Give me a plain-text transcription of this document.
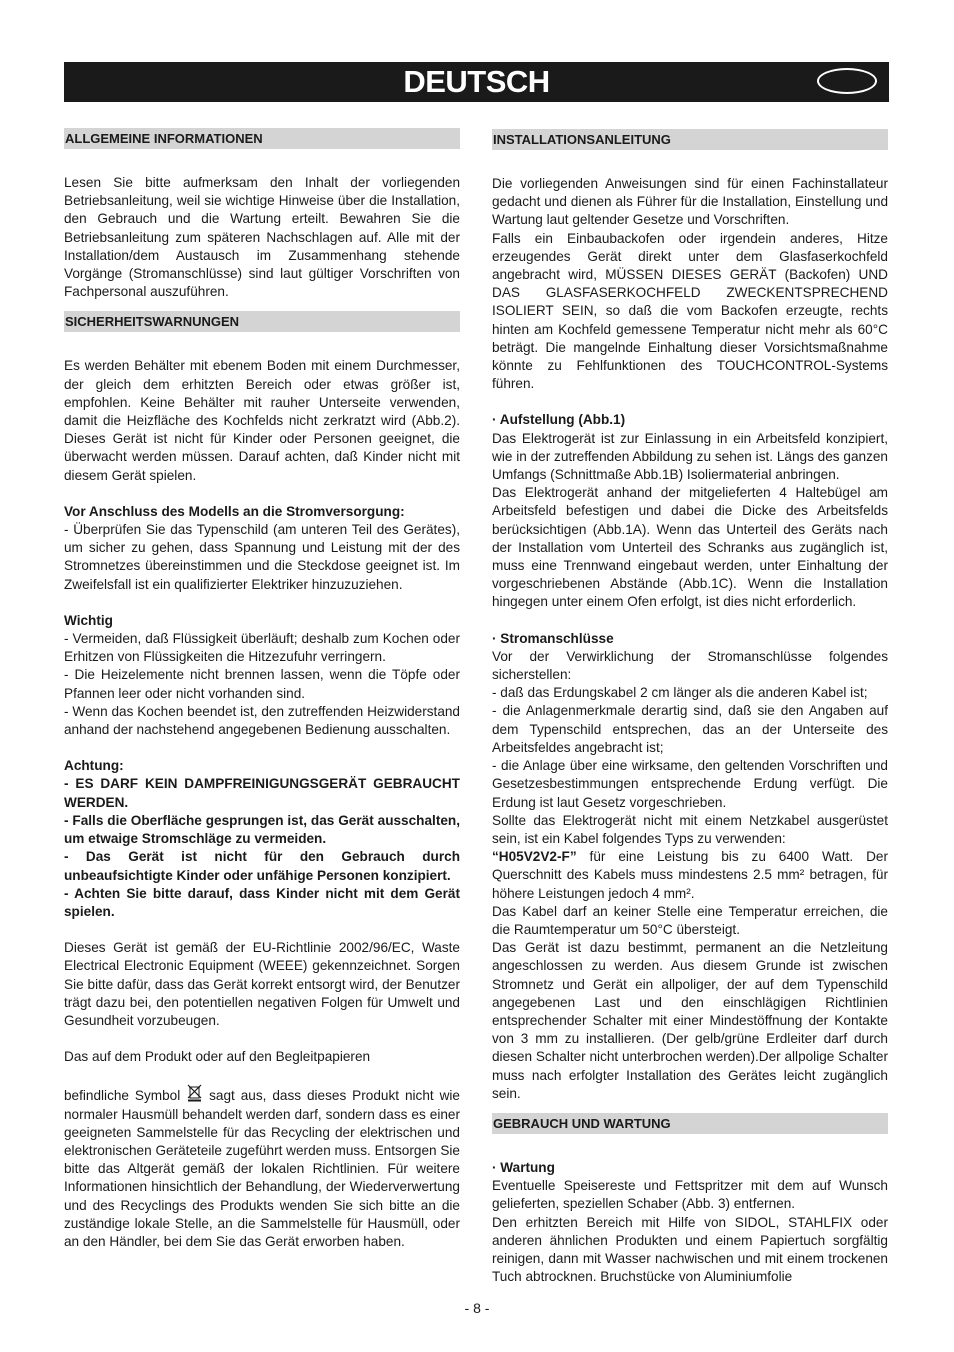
DEUTSCH
ALLGEMEINE INFORMATIONEN

Lesen Sie bitte aufmerksam den Inhalt der vorliegenden Betriebsanleitung, weil sie wichtige Hinweise über die Installation, den Gebrauch und die Wartung erteilt. Bewahren Sie die Betriebsanleitung zum späteren Nachschlagen auf. Alle mit der Installation/dem Austausch im Zusammenhang stehende Vorgänge (Stromanschlüsse) sind laut gültiger Vorschriften von Fachpersonal auszuführen.

SICHERHEITSWARNUNGEN

Es werden Behälter mit ebenem Boden mit einem Durchmesser, der gleich dem erhitzten Bereich oder etwas größer ist, empfohlen. Keine Behälter mit rauher Unterseite verwenden, damit die Heizfläche des Kochfelds nicht zerkratzt wird (Abb.2). Dieses Gerät ist nicht für Kinder oder Personen geeignet, die überwacht werden müssen. Darauf achten, daß Kinder nicht mit diesem Gerät spielen.

Vor Anschluss des Modells an die Stromversorgung:

- Überprüfen Sie das Typenschild (am unteren Teil des Gerätes), um sicher zu gehen, dass Spannung und Leistung mit der des Stromnetzes übereinstimmen und die Steckdose geeignet ist. Im Zweifelsfall ist ein qualifizierter Elektriker hinzuzuziehen.

Wichtig

- Vermeiden, daß Flüssigkeit überläuft; deshalb zum Kochen oder Erhitzen von Flüssigkeiten die Hitzezufuhr verringern.

- Die Heizelemente nicht brennen lassen, wenn die Töpfe oder Pfannen leer oder nicht vorhanden sind.

- Wenn das Kochen beendet ist, den zutreffenden Heizwiderstand anhand der nachstehend angegebenen Bedienung ausschalten.

Achtung:

- ES DARF KEIN DAMPFREINIGUNGSGERÄT GEBRAUCHT WERDEN.

- Falls die Oberfläche gesprungen ist, das Gerät ausschalten, um etwaige Stromschläge zu vermeiden.

- Das Gerät ist nicht für den Gebrauch durch unbeaufsichtigte Kinder oder unfähige Personen konzipiert.

- Achten Sie bitte darauf, dass Kinder nicht mit dem Gerät spielen.

Dieses Gerät ist gemäß der EU-Richtlinie 2002/96/EC, Waste Electrical Electronic Equipment (WEEE) gekennzeichnet. Sorgen Sie bitte dafür, dass das Gerät korrekt entsorgt wird, der Benutzer trägt dazu bei, den potentiellen negativen Folgen für Umwelt und Gesundheit vorzubeugen.

Das auf dem Produkt oder auf den Begleitpapieren

befindliche Symbol sagt aus, dass dieses Produkt nicht wie normaler Hausmüll behandelt werden darf, sondern dass es einer geeigneten Sammelstelle für das Recycling der elektrischen und elektronischen Geräteteile zugeführt werden muss. Entsorgen Sie bitte das Altgerät gemäß der lokalen Richtlinien. Für weitere Informationen hinsichtlich der Behandlung, der Wiederverwertung und des Recyclings des Produkts wenden Sie sich bitte an die zuständige lokale Stelle, an die Sammelstelle für Hausmüll, oder an den Händler, bei dem Sie das Gerät erworben haben.

INSTALLATIONSANLEITUNG

Die vorliegenden Anweisungen sind für einen Fachinstallateur gedacht und dienen als Führer für die Installation, Einstellung und Wartung laut geltender Gesetze und Vorschriften.

Falls ein Einbaubackofen oder irgendein anderes, Hitze erzeugendes Gerät direkt unter dem Glasfaserkochfeld angebracht wird, MÜSSEN DIESES GERÄT (Backofen) UND DAS GLASFASERKOCHFELD ZWECKENTSPRECHEND ISOLIERT SEIN, so daß die vom Backofen erzeugte, rechts hinten am Kochfeld gemessene Temperatur nicht mehr als 60°C beträgt. Die mangelnde Einhaltung dieser Vorsichtsmaßnahme könnte zu Fehlfunktionen des TOUCHCONTROL-Systems führen.

· Aufstellung (Abb.1)

Das Elektrogerät ist zur Einlassung in ein Arbeitsfeld konzipiert, wie in der zutreffenden Abbildung zu sehen ist. Längs des ganzen Umfangs (Schnittmaße Abb.1B) Isoliermaterial anbringen.

Das Elektrogerät anhand der mitgelieferten 4 Haltebügel am Arbeitsfeld befestigen und dabei die Dicke des Arbeitsfelds berücksichtigen (Abb.1A). Wenn das Unterteil des Geräts nach der Installation vom Unterteil des Schranks aus zugänglich ist, muss eine Trennwand eingebaut werden, unter Einhaltung der vorgeschriebenen Abstände (Abb.1C). Wenn die Installation hingegen unter einem Ofen erfolgt, ist dies nicht erforderlich.

· Stromanschlüsse

Vor der Verwirklichung der Stromanschlüsse folgendes sicherstellen:

- daß das Erdungskabel 2 cm länger als die anderen Kabel ist;

- die Anlagenmerkmale derartig sind, daß sie den Angaben auf dem Typenschild entsprechen, das an der Unterseite des Arbeitsfeldes angebracht ist;

- die Anlage über eine wirksame, den geltenden Vorschriften und Gesetzesbestimmungen entsprechende Erdung verfügt. Die Erdung ist laut Gesetz vorgeschrieben.

Sollte das Elektrogerät nicht mit einem Netzkabel ausgerüstet sein, ist ein Kabel folgendes Typs zu verwenden:

“H05V2V2-F” für eine Leistung bis zu 6400 Watt. Der Querschnitt des Kabels muss mindestens 2.5 mm² betragen, für höhere Leistungen jedoch 4 mm².

Das Kabel darf an keiner Stelle eine Temperatur erreichen, die die Raumtemperatur um 50°C übersteigt.

Das Gerät ist dazu bestimmt, permanent an die Netzleitung angeschlossen zu werden. Aus diesem Grunde ist zwischen Stromnetz und Gerät ein allpoliger, der auf dem Typenschild angegebenen Last und den einschlägigen Richtlinien entsprechender Schalter mit einer Mindestöffnung der Kontakte von 3 mm zu installieren. (Der gelb/grüne Erdleiter darf durch diesen Schalter nicht unterbrochen werden).Der allpolige Schalter muss nach erfolgter Installation des Gerätes leicht zugänglich sein.

GEBRAUCH UND WARTUNG

· Wartung

Eventuelle Speisereste und Fettspritzer mit dem auf Wunsch gelieferten, speziellen Schaber (Abb. 3) entfernen.

Den erhitzten Bereich mit Hilfe von SIDOL, STAHLFIX oder anderen ähnlichen Produkten und einem Papiertuch sorgfältig reinigen, dann mit Wasser nachwischen und mit einem trockenen Tuch abtrocknen. Bruchstücke von Aluminiumfolie

- 8 -
